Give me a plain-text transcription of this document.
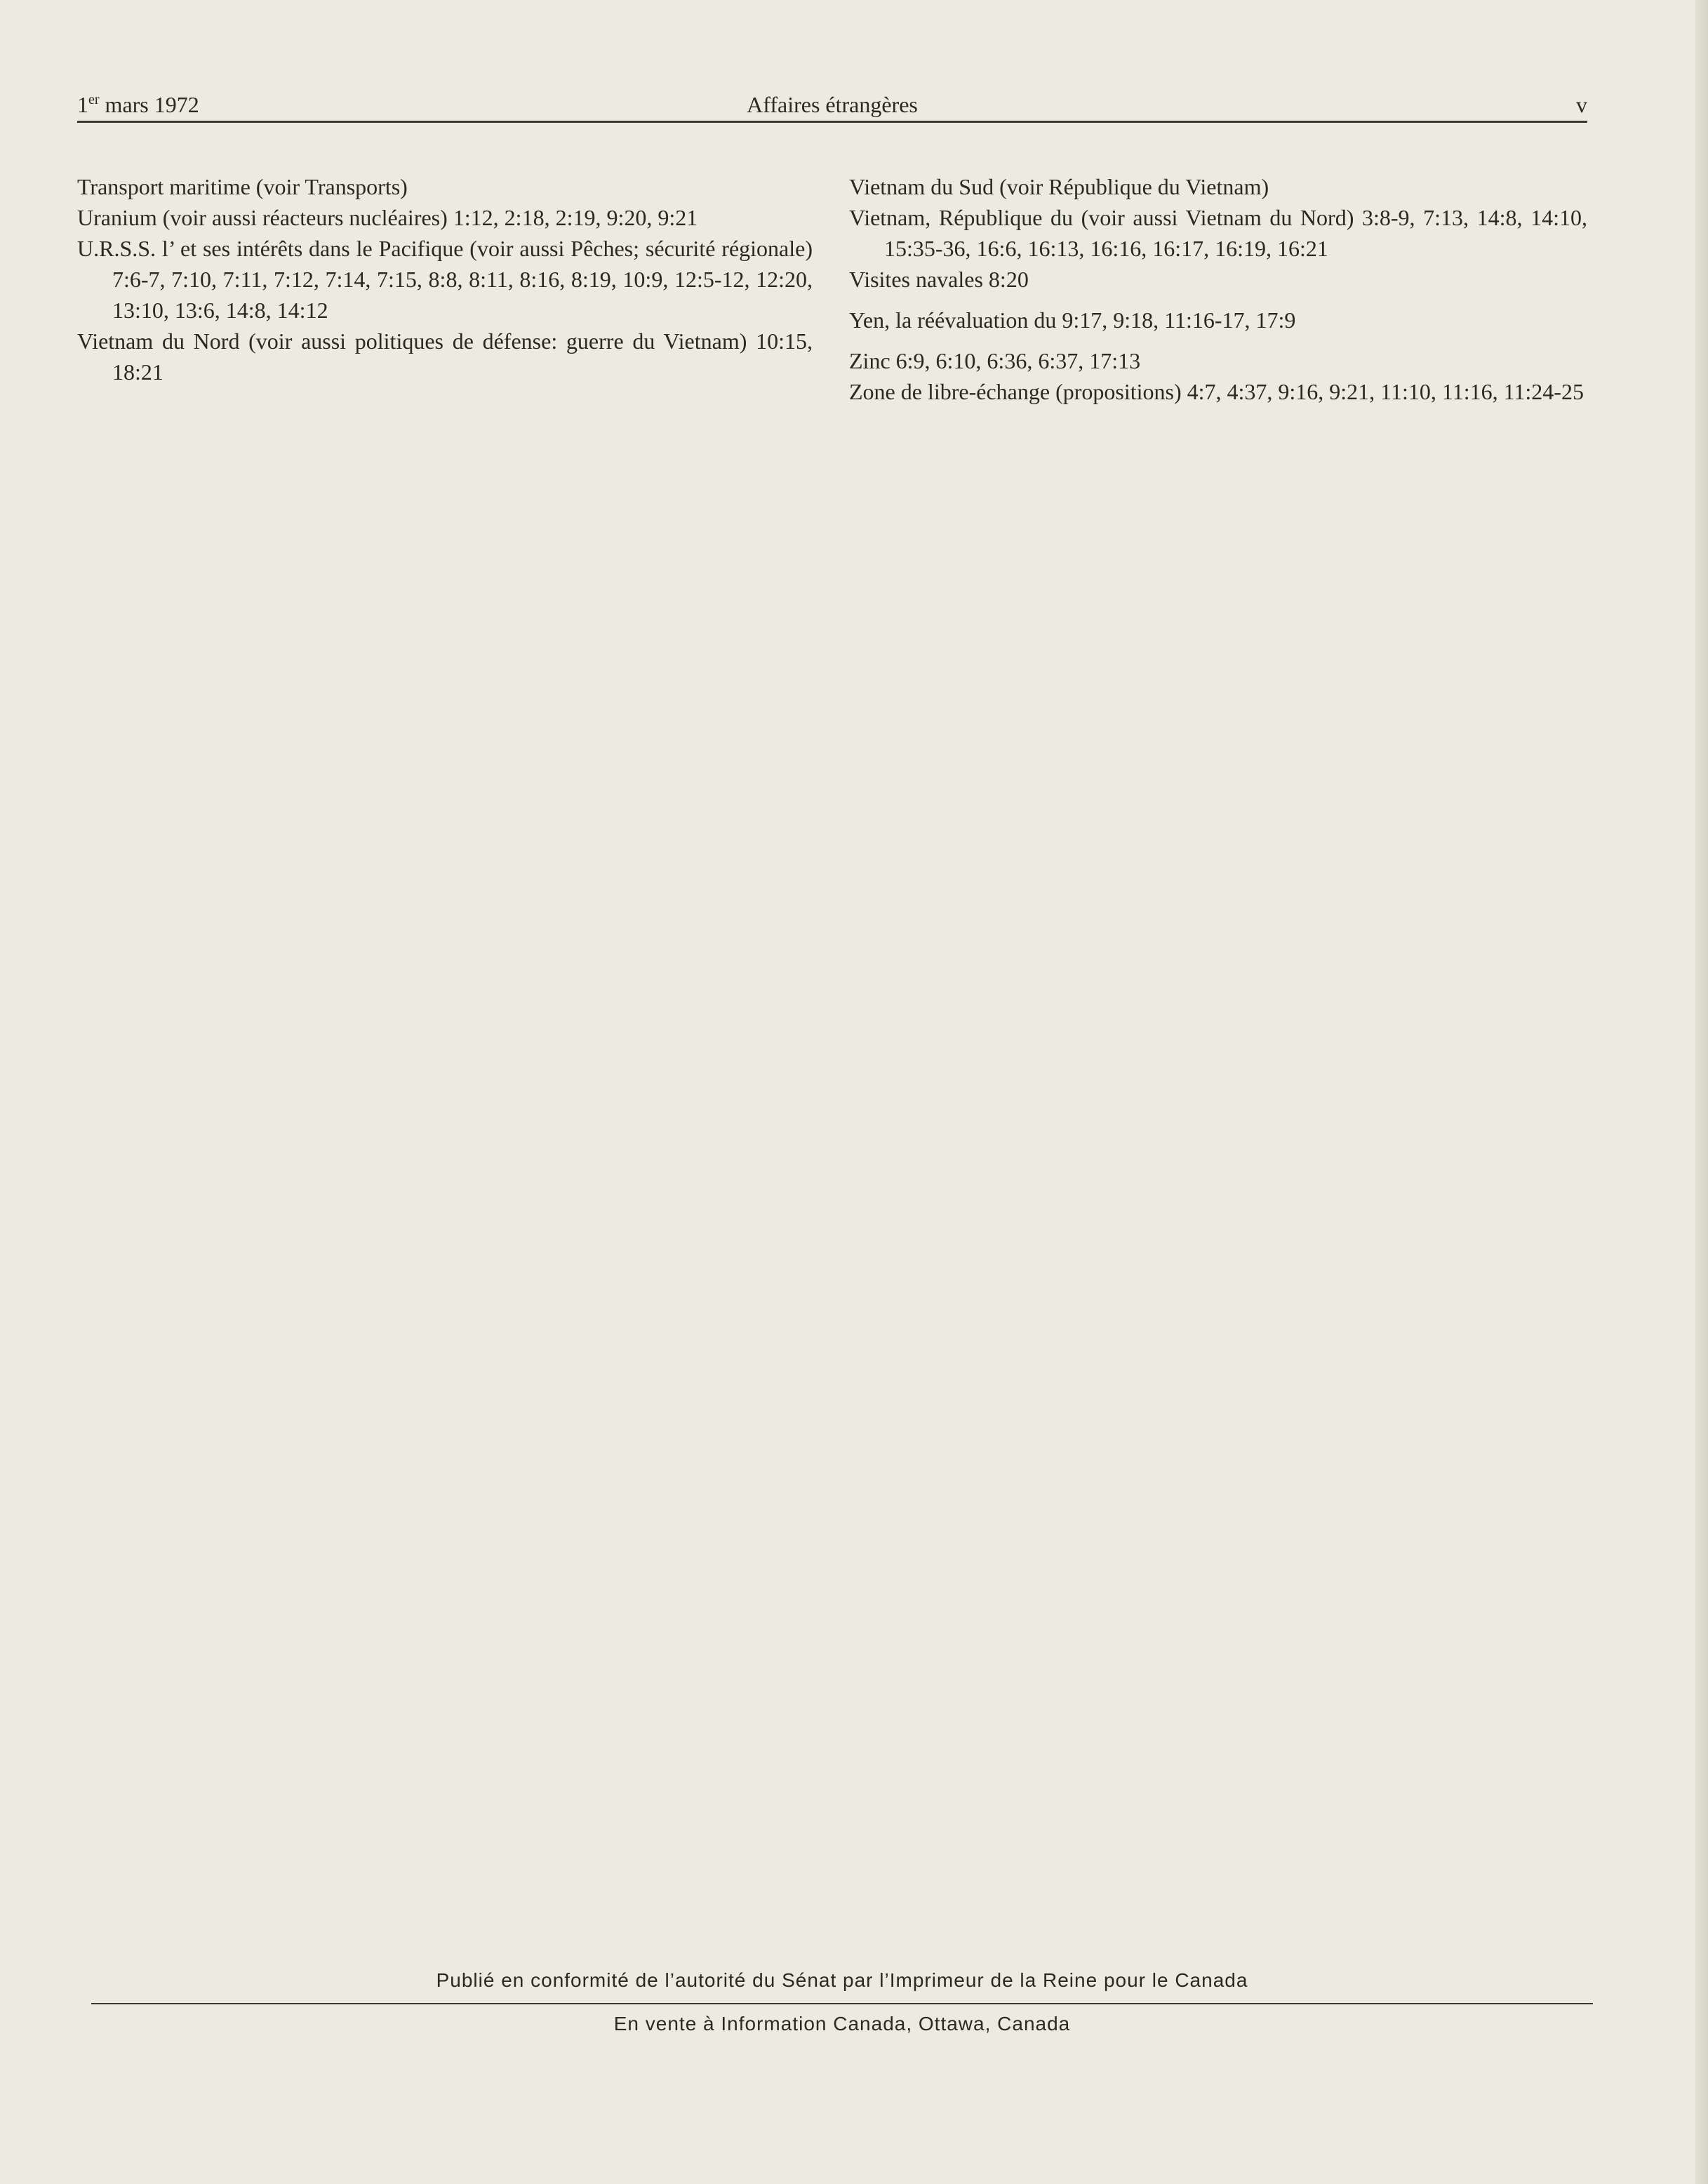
1er mars 1972	Affaires étrangères	v

Transport maritime (voir Transports)

Uranium (voir aussi réacteurs nucléaires) 1:12, 2:18, 2:19, 9:20, 9:21

U.R.S.S. l’ et ses intérêts dans le Pacifique (voir aussi Pêches; sécurité régionale) 7:6-7, 7:10, 7:11, 7:12, 7:14, 7:15, 8:8, 8:11, 8:16, 8:19, 10:9, 12:5-12, 12:20, 13:10, 13:6, 14:8, 14:12

Vietnam du Nord (voir aussi politiques de défense: guerre du Vietnam) 10:15, 18:21

Vietnam du Sud (voir République du Vietnam)

Vietnam, République du (voir aussi Vietnam du Nord) 3:8-9, 7:13, 14:8, 14:10, 15:35-36, 16:6, 16:13, 16:16, 16:17, 16:19, 16:21

Visites navales 8:20

Yen, la réévaluation du 9:17, 9:18, 11:16-17, 17:9

Zinc 6:9, 6:10, 6:36, 6:37, 17:13

Zone de libre-échange (propositions) 4:7, 4:37, 9:16, 9:21, 11:10, 11:16, 11:24-25

Publié en conformité de l’autorité du Sénat par l’Imprimeur de la Reine pour le Canada
En vente à Information Canada, Ottawa, Canada
